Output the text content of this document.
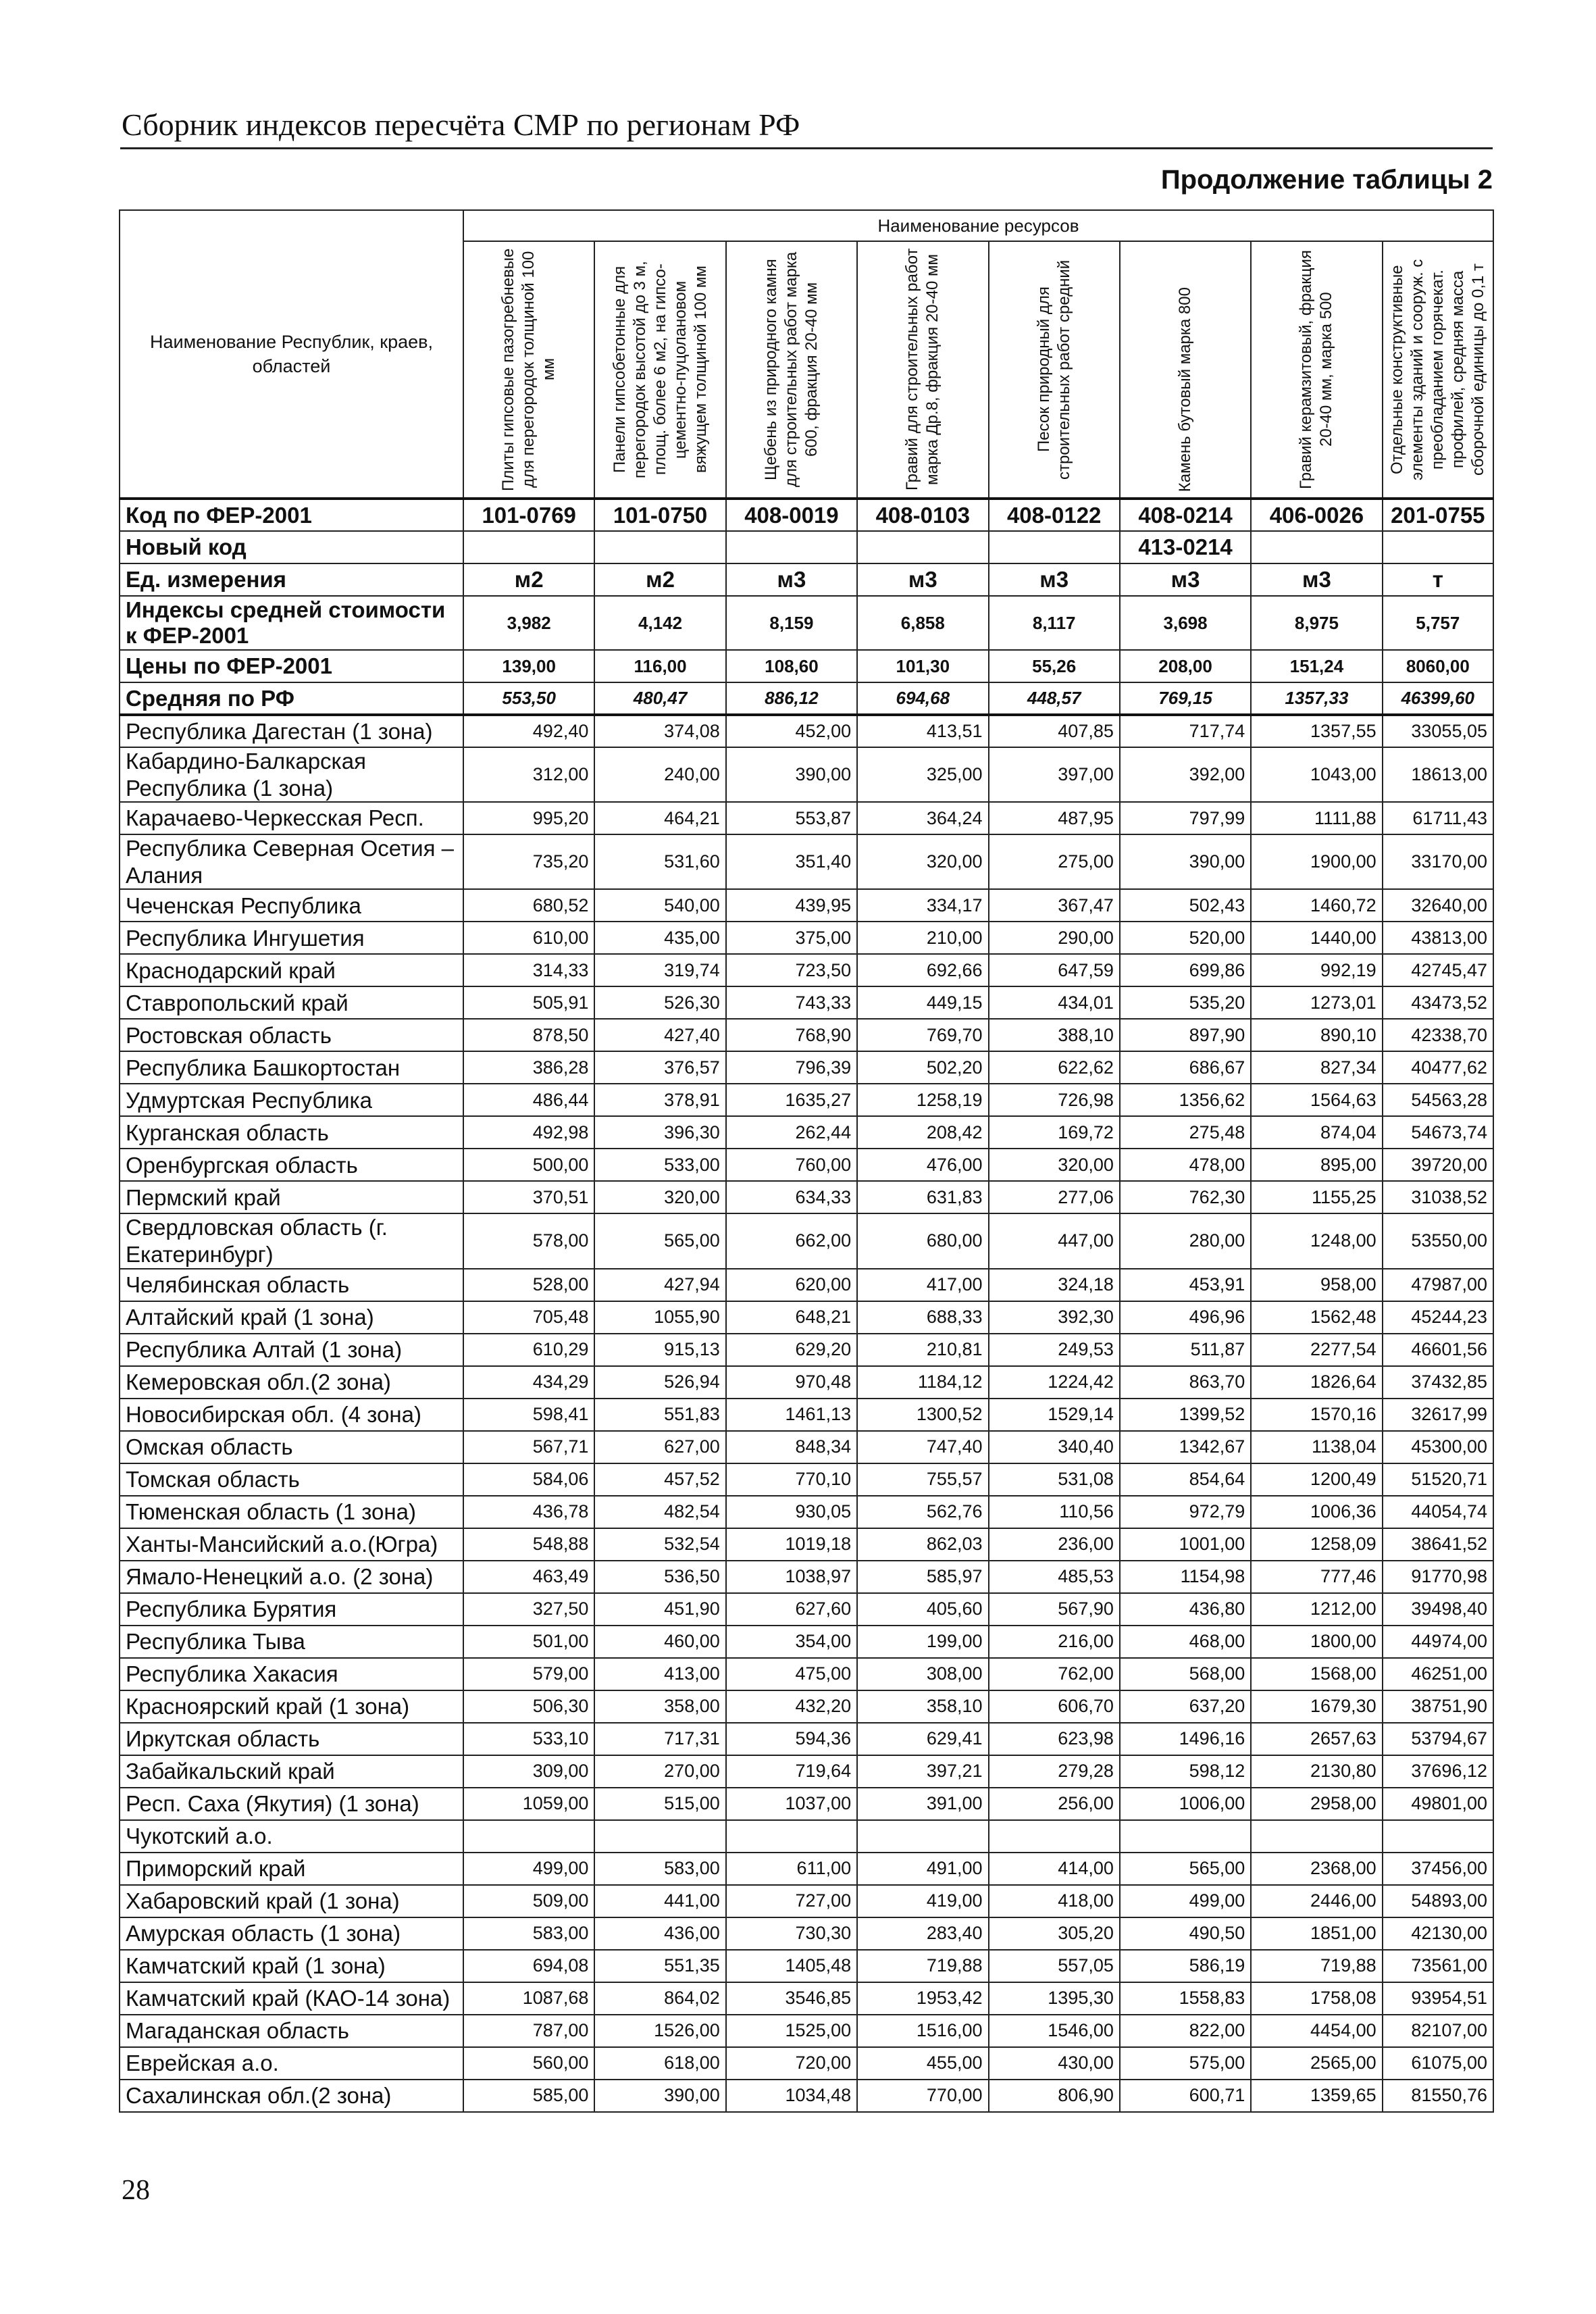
Сборник индексов пересчёта СМР по регионам РФ
Продолжение таблицы 2
Наименование Республик, краев, областей	Наименование ресурсов							

	Плиты гипсовые пазогребневые для перегородок толщиной 100 мм	Панели гипсобетонные для перегородок высотой до 3 м, площ. более 6 м2, на гипсо-цементно-пуцолановом вяжущем толщиной 100 мм	Щебень из природного камня для строительных работ марка 600, фракция 20-40 мм	Гравий для строительных работ марка Др.8, фракция 20-40 мм	Песок природный для строительных работ средний	Камень бутовый марка 800	Гравий керамзитовый, фракция 20-40 мм, марка 500	Отдельные конструктивные элементы зданий и сооруж. с преобладанием горячекат. профилей, средняя масса сборочной единицы до 0,1 т

Код по ФЕР-2001	101-0769	101-0750	408-0019	408-0103	408-0122	408-0214	406-0026	201-0755
Новый код						413-0214		
Ед. измерения	м2	м2	м3	м3	м3	м3	м3	т
Индексы средней стоимости к ФЕР-2001	3,982	4,142	8,159	6,858	8,117	3,698	8,975	5,757
Цены по ФЕР-2001	139,00	116,00	108,60	101,30	55,26	208,00	151,24	8060,00
Средняя по РФ	553,50	480,47	886,12	694,68	448,57	769,15	1357,33	46399,60
Республика Дагестан (1 зона)	492,40	374,08	452,00	413,51	407,85	717,74	1357,55	33055,05
Кабардино-Балкарская Республика (1 зона)	312,00	240,00	390,00	325,00	397,00	392,00	1043,00	18613,00
Карачаево-Черкесская Респ.	995,20	464,21	553,87	364,24	487,95	797,99	1111,88	61711,43
Республика Северная Осетия – Алания	735,20	531,60	351,40	320,00	275,00	390,00	1900,00	33170,00
Чеченская Республика	680,52	540,00	439,95	334,17	367,47	502,43	1460,72	32640,00
Республика Ингушетия	610,00	435,00	375,00	210,00	290,00	520,00	1440,00	43813,00
Краснодарский край	314,33	319,74	723,50	692,66	647,59	699,86	992,19	42745,47
Ставропольский край	505,91	526,30	743,33	449,15	434,01	535,20	1273,01	43473,52
Ростовская область	878,50	427,40	768,90	769,70	388,10	897,90	890,10	42338,70
Республика Башкортостан	386,28	376,57	796,39	502,20	622,62	686,67	827,34	40477,62
Удмуртская Республика	486,44	378,91	1635,27	1258,19	726,98	1356,62	1564,63	54563,28
Курганская область	492,98	396,30	262,44	208,42	169,72	275,48	874,04	54673,74
Оренбургская область	500,00	533,00	760,00	476,00	320,00	478,00	895,00	39720,00
Пермский край	370,51	320,00	634,33	631,83	277,06	762,30	1155,25	31038,52
Свердловская область (г. Екатеринбург)	578,00	565,00	662,00	680,00	447,00	280,00	1248,00	53550,00
Челябинская область	528,00	427,94	620,00	417,00	324,18	453,91	958,00	47987,00
Алтайский край (1 зона)	705,48	1055,90	648,21	688,33	392,30	496,96	1562,48	45244,23
Республика Алтай (1 зона)	610,29	915,13	629,20	210,81	249,53	511,87	2277,54	46601,56
Кемеровская обл.(2 зона)	434,29	526,94	970,48	1184,12	1224,42	863,70	1826,64	37432,85
Новосибирская обл. (4 зона)	598,41	551,83	1461,13	1300,52	1529,14	1399,52	1570,16	32617,99
Омская область	567,71	627,00	848,34	747,40	340,40	1342,67	1138,04	45300,00
Томская область	584,06	457,52	770,10	755,57	531,08	854,64	1200,49	51520,71
Тюменская область (1 зона)	436,78	482,54	930,05	562,76	110,56	972,79	1006,36	44054,74
Ханты-Мансийский а.о.(Югра)	548,88	532,54	1019,18	862,03	236,00	1001,00	1258,09	38641,52
Ямало-Ненецкий а.о. (2 зона)	463,49	536,50	1038,97	585,97	485,53	1154,98	777,46	91770,98
Республика Бурятия	327,50	451,90	627,60	405,60	567,90	436,80	1212,00	39498,40
Республика Тыва	501,00	460,00	354,00	199,00	216,00	468,00	1800,00	44974,00
Республика Хакасия	579,00	413,00	475,00	308,00	762,00	568,00	1568,00	46251,00
Красноярский край (1 зона)	506,30	358,00	432,20	358,10	606,70	637,20	1679,30	38751,90
Иркутская область	533,10	717,31	594,36	629,41	623,98	1496,16	2657,63	53794,67
Забайкальский край	309,00	270,00	719,64	397,21	279,28	598,12	2130,80	37696,12
Респ. Саха (Якутия) (1 зона)	1059,00	515,00	1037,00	391,00	256,00	1006,00	2958,00	49801,00
Чукотский а.о.								
Приморский край	499,00	583,00	611,00	491,00	414,00	565,00	2368,00	37456,00
Хабаровский край (1 зона)	509,00	441,00	727,00	419,00	418,00	499,00	2446,00	54893,00
Амурская область (1 зона)	583,00	436,00	730,30	283,40	305,20	490,50	1851,00	42130,00
Камчатский край (1 зона)	694,08	551,35	1405,48	719,88	557,05	586,19	719,88	73561,00
Камчатский край (КАО-14 зона)	1087,68	864,02	3546,85	1953,42	1395,30	1558,83	1758,08	93954,51
Магаданская область	787,00	1526,00	1525,00	1516,00	1546,00	822,00	4454,00	82107,00
Еврейская а.о.	560,00	618,00	720,00	455,00	430,00	575,00	2565,00	61075,00
Сахалинская обл.(2 зона)	585,00	390,00	1034,48	770,00	806,90	600,71	1359,65	81550,76
28
